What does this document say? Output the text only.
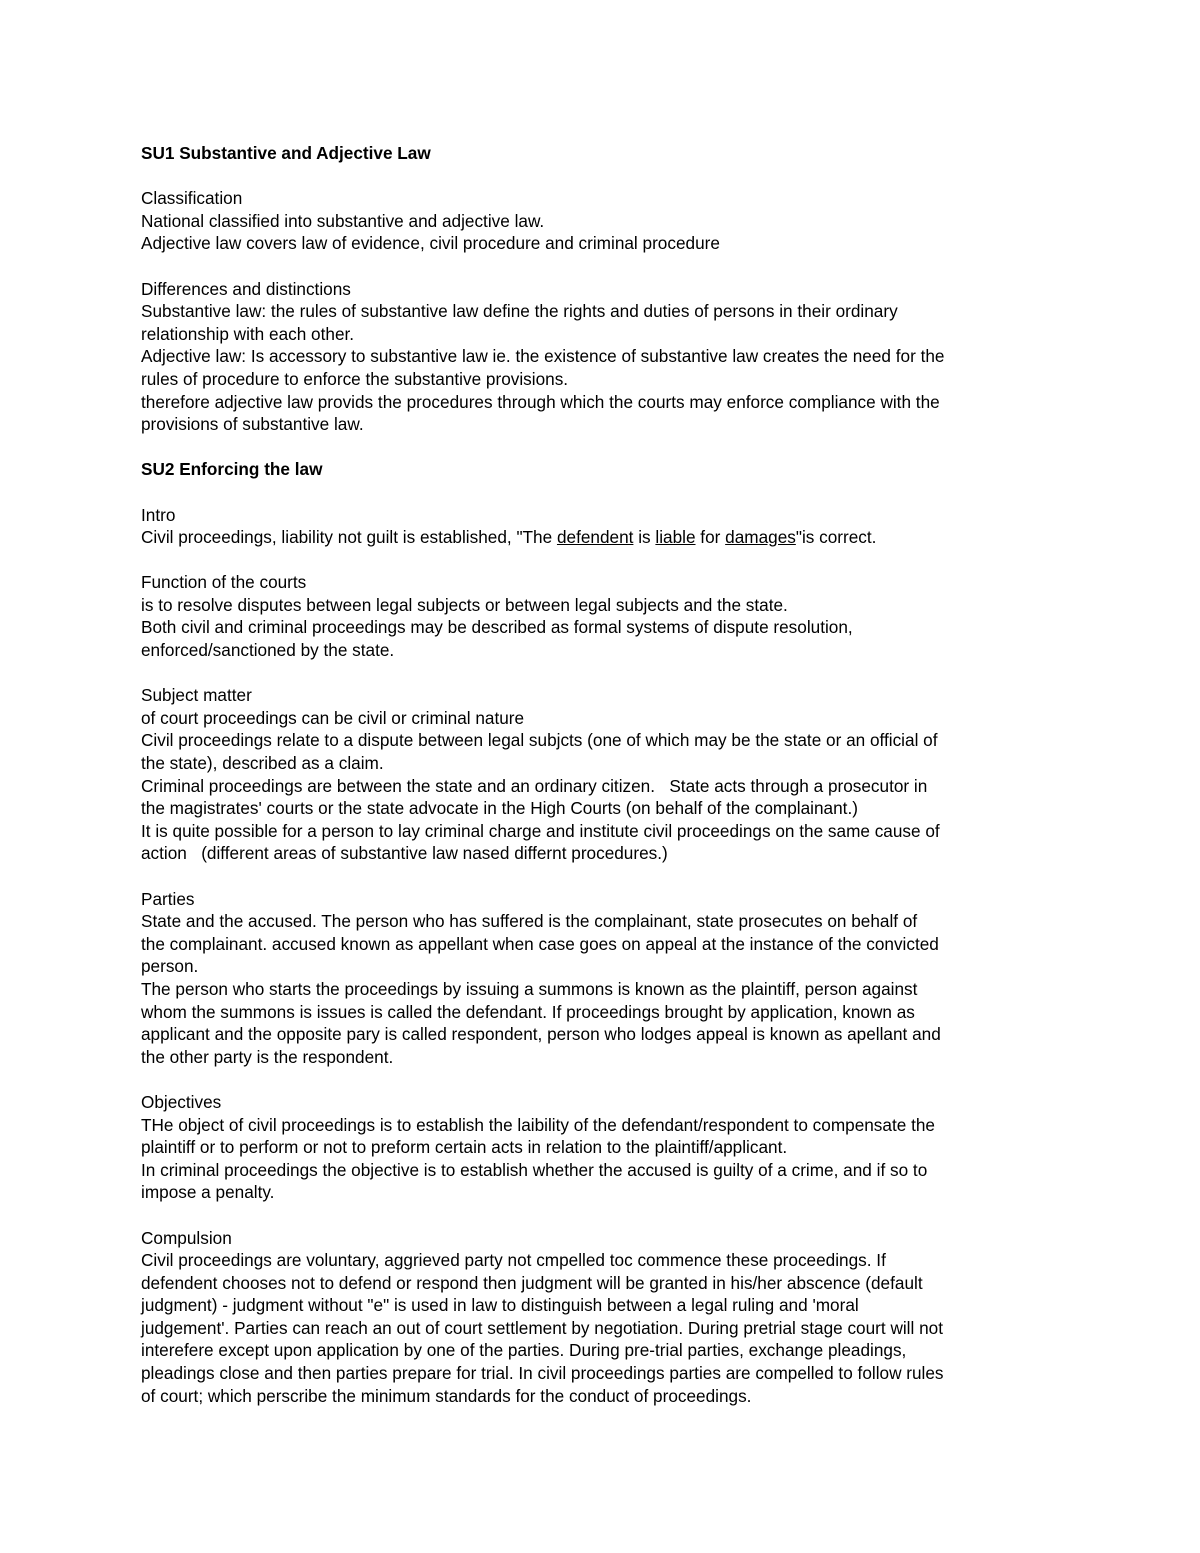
SU1 Substantive and Adjective Law
Classification
National classified into substantive and adjective law.
Adjective law covers law of evidence, civil procedure and criminal procedure
Differences and distinctions
Substantive law: the rules of substantive law define the rights and duties of persons in their ordinary
relationship with each other.
Adjective law: Is accessory to substantive law ie. the existence of substantive law creates the need for the
rules of procedure to enforce the substantive provisions.
therefore adjective law provids the procedures through which the courts may enforce compliance with the
provisions of substantive law.
SU2 Enforcing the law
Intro
Civil proceedings, liability not guilt is established, "The defendent is liable for damages"is correct.
Function of the courts
is to resolve disputes between legal subjects or between legal subjects and the state.
Both civil and criminal proceedings may be described as formal systems of dispute resolution,
enforced/sanctioned by the state.
Subject matter
of court proceedings can be civil or criminal nature
Civil proceedings relate to a dispute between legal subjcts (one of which may be the state or an official of
the state), described as a claim.
Criminal proceedings are between the state and an ordinary citizen.   State acts through a prosecutor in
the magistrates' courts or the state advocate in the High Courts (on behalf of the complainant.)
It is quite possible for a person to lay criminal charge and institute civil proceedings on the same cause of
action   (different areas of substantive law nased differnt procedures.)
Parties
State and the accused. The person who has suffered is the complainant, state prosecutes on behalf of
the complainant. accused known as appellant when case goes on appeal at the instance of the convicted
person.
The person who starts the proceedings by issuing a summons is known as the plaintiff, person against
whom the summons is issues is called the defendant. If proceedings brought by application, known as
applicant and the opposite pary is called respondent, person who lodges appeal is known as apellant and
the other party is the respondent.
Objectives
THe object of civil proceedings is to establish the laibility of the defendant/respondent to compensate the
plaintiff or to perform or not to preform certain acts in relation to the plaintiff/applicant.
In criminal proceedings the objective is to establish whether the accused is guilty of a crime, and if so to
impose a penalty.
Compulsion
Civil proceedings are voluntary, aggrieved party not cmpelled toc commence these proceedings. If
defendent chooses not to defend or respond then judgment will be granted in his/her abscence (default
judgment) - judgment without "e" is used in law to distinguish between a legal ruling and 'moral
judgement'. Parties can reach an out of court settlement by negotiation. During pretrial stage court will not
interefere except upon application by one of the parties. During pre-trial parties, exchange pleadings,
pleadings close and then parties prepare for trial. In civil proceedings parties are compelled to follow rules
of court; which perscribe the minimum standards for the conduct of proceedings.
